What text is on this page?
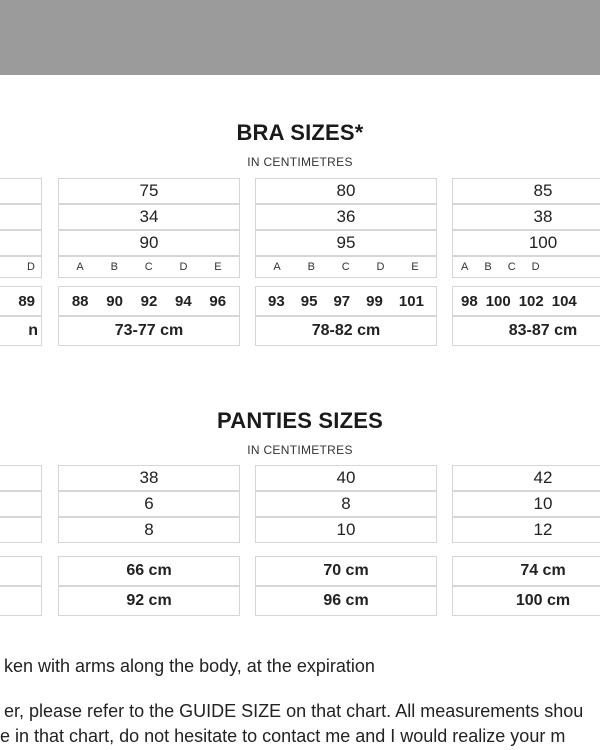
BRA SIZES*
IN CENTIMETRES
D
89
n
75
34
90
A B C D E
88 90 92 94 96
73-77 cm
80
36
95
A B C D E
93 95 97 99 101
78-82 cm
85
38
100
A B C D
98 100 102 104
83-87 cm
PANTIES SIZES
IN CENTIMETRES
38
6
8
66 cm
92 cm
40
8
10
70 cm
96 cm
42
10
12
74 cm
100 cm
ken with arms along the body, at the expiration
er, please refer to the GUIDE SIZE on that chart. All measurements shou
e in that chart, do not hesitate to contact me and I would realize your m
